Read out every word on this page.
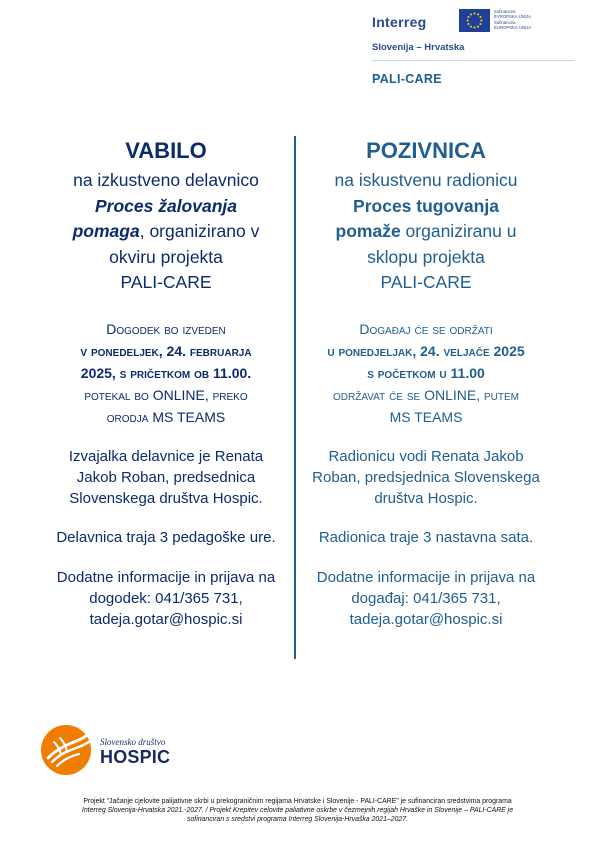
Interreg
Sofinancira
EVROPSKA UNIJA
Sufinancira
EUROPSKA UNIJA
Slovenija – Hrvatska
PALI-CARE
VABILO
na izkustveno delavnico
Proces žalovanja
pomaga, organizirano v
okviru projekta
PALI-CARE
Dogodek bo izveden
v ponedeljek, 24. februarja
2025, s pričetkom ob 11.00.
potekal bo ONLINE, preko
orodja MS TEAMS
Izvajalka delavnice je Renata
Jakob Roban, predsednica
Slovenskega društva Hospic.
Delavnica traja 3 pedagoške ure.
Dodatne informacije in prijava na
dogodek: 041/365 731,
tadeja.gotar@hospic.si
POZIVNICA
na iskustvenu radionicu
Proces tugovanja
pomaže organiziranu u
sklopu projekta
PALI-CARE
Događaj će se održati
u ponedjeljak, 24. veljače 2025
s početkom u 11.00
održavat će se ONLINE, putem
MS TEAMS
Radionicu vodi Renata Jakob
Roban, predsjednica Slovenskega
društva Hospic.
Radionica traje 3 nastavna sata.
Dodatne informacije in prijava na
događaj: 041/365 731,
tadeja.gotar@hospic.si
Slovensko društvo
HOSPIC
Projekt "Jačanje cjelovite palijativne skrbi u prekograničnim regijama Hrvatske i Slovenije - PALI-CARE" je sufinanciran sredstvima programa
Interreg Slovenija-Hrvatska 2021.-2027. / Projekt Krepitev celovite paliativne oskrbe v čezmejnih regijah Hrvaške in Slovenije – PALI-CARE je
sofinanciran s sredstvi programa Interreg Slovenija-Hrvaška 2021–2027.
